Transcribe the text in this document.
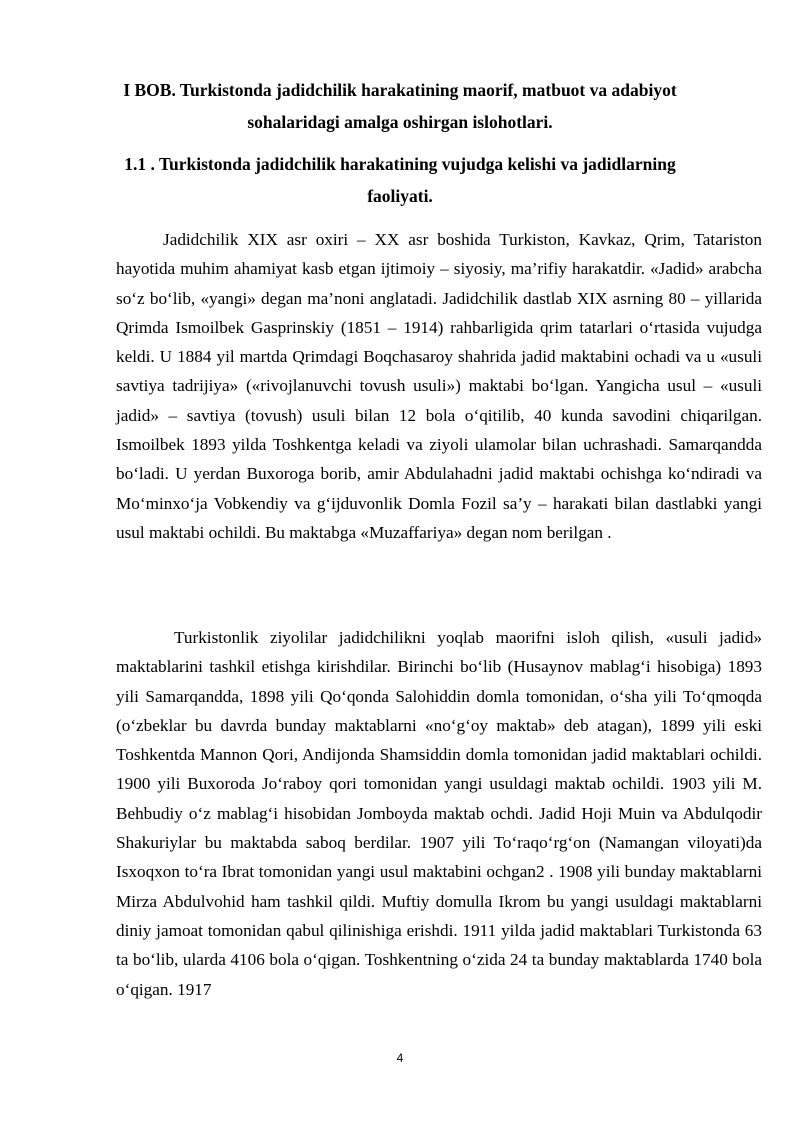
I BOB. Turkistonda jadidchilik harakatining maorif, matbuot va adabiyot sohalaridagi amalga oshirgan islohotlari.
1.1 . Turkistonda jadidchilik harakatining vujudga kelishi va jadidlarning faoliyati.

Jadidchilik XIX asr oxiri – XX asr boshida Turkiston, Kavkaz, Qrim, Tatariston hayotida muhim ahamiyat kasb etgan ijtimoiy – siyosiy, ma’rifiy harakatdir. «Jadid» arabcha so‘z bo‘lib, «yangi» degan ma’noni anglatadi. Jadidchilik dastlab XIX asrning 80 – yillarida Qrimda Ismoilbek Gasprinskiy (1851 – 1914) rahbarligida qrim tatarlari o‘rtasida vujudga keldi. U 1884 yil martda Qrimdagi Boqchasaroy shahrida jadid maktabini ochadi va u «usuli savtiya tadrijiya» («rivojlanuvchi tovush usuli») maktabi bo‘lgan. Yangicha usul – «usuli jadid» – savtiya (tovush) usuli bilan 12 bola o‘qitilib, 40 kunda savodini chiqarilgan. Ismoilbek 1893 yilda Toshkentga keladi va ziyoli ulamolar bilan uchrashadi. Samarqandda bo‘ladi. U yerdan Buxoroga borib, amir Abdulahadni jadid maktabi ochishga ko‘ndiradi va Mo‘minxo‘ja Vobkendiy va g‘ijduvonlik Domla Fozil sa’y – harakati bilan dastlabki yangi usul maktabi ochildi. Bu maktabga «Muzaffariya» degan nom berilgan .

Turkistonlik ziyolilar jadidchilikni yoqlab maorifni isloh qilish, «usuli jadid» maktablarini tashkil etishga kirishdilar. Birinchi bo‘lib (Husaynov mablag‘i hisobiga) 1893 yili Samarqandda, 1898 yili Qo‘qonda Salohiddin domla tomonidan, o‘sha yili To‘qmoqda (o‘zbeklar bu davrda bunday maktablarni «no‘g‘oy maktab» deb atagan), 1899 yili eski Toshkentda Mannon Qori, Andijonda Shamsiddin domla tomonidan jadid maktablari ochildi. 1900 yili Buxoroda Jo‘raboy qori tomonidan yangi usuldagi maktab ochildi. 1903 yili M. Behbudiy o‘z mablag‘i hisobidan Jomboyda maktab ochdi. Jadid Hoji Muin va Abdulqodir Shakuriylar bu maktabda saboq berdilar. 1907 yili To‘raqo‘rg‘on (Namangan viloyati)da Isxoqxon to‘ra Ibrat tomonidan yangi usul maktabini ochgan2 . 1908 yili bunday maktablarni Mirza Abdulvohid ham tashkil qildi. Muftiy domulla Ikrom bu yangi usuldagi maktablarni diniy jamoat tomonidan qabul qilinishiga erishdi. 1911 yilda jadid maktablari Turkistonda 63 ta bo‘lib, ularda 4106 bola o‘qigan. Toshkentning o‘zida 24 ta bunday maktablarda 1740 bola o‘qigan. 1917

4
